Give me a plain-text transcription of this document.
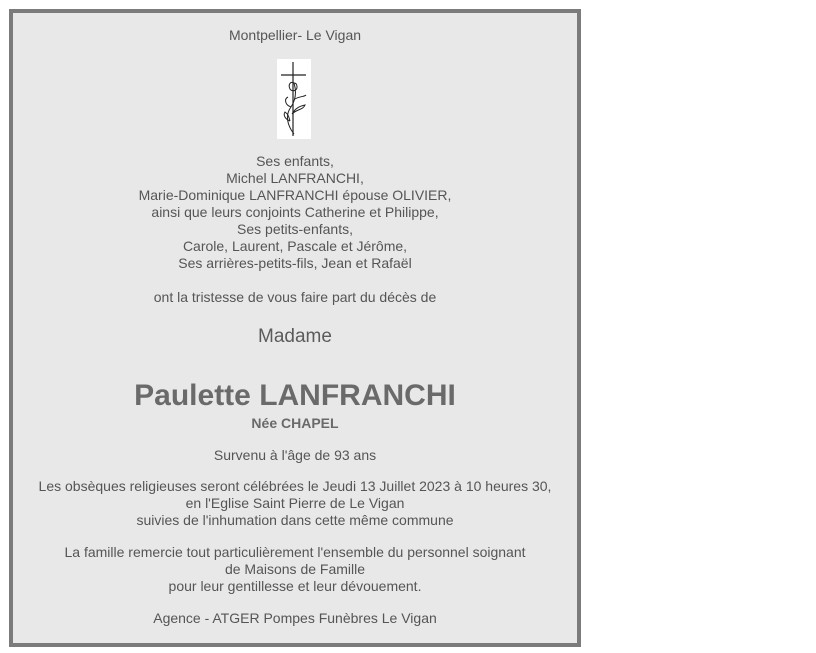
Montpellier- Le Vigan
Ses enfants,
Michel LANFRANCHI,
Marie-Dominique LANFRANCHI épouse OLIVIER,
ainsi que leurs conjoints Catherine et Philippe,
Ses petits-enfants,
Carole, Laurent, Pascale et Jérôme,
Ses arrières-petits-fils, Jean et Rafaël
ont la tristesse de vous faire part du décès de
Madame
Paulette LANFRANCHI
Née CHAPEL
Survenu à l'âge de 93 ans
Les obsèques religieuses seront célébrées le Jeudi 13 Juillet 2023 à 10 heures 30,
en l'Eglise Saint Pierre de Le Vigan
suivies de l'inhumation dans cette même commune
La famille remercie tout particulièrement l'ensemble du personnel soignant
de Maisons de Famille
pour leur gentillesse et leur dévouement.
Agence - ATGER Pompes Funèbres Le Vigan
